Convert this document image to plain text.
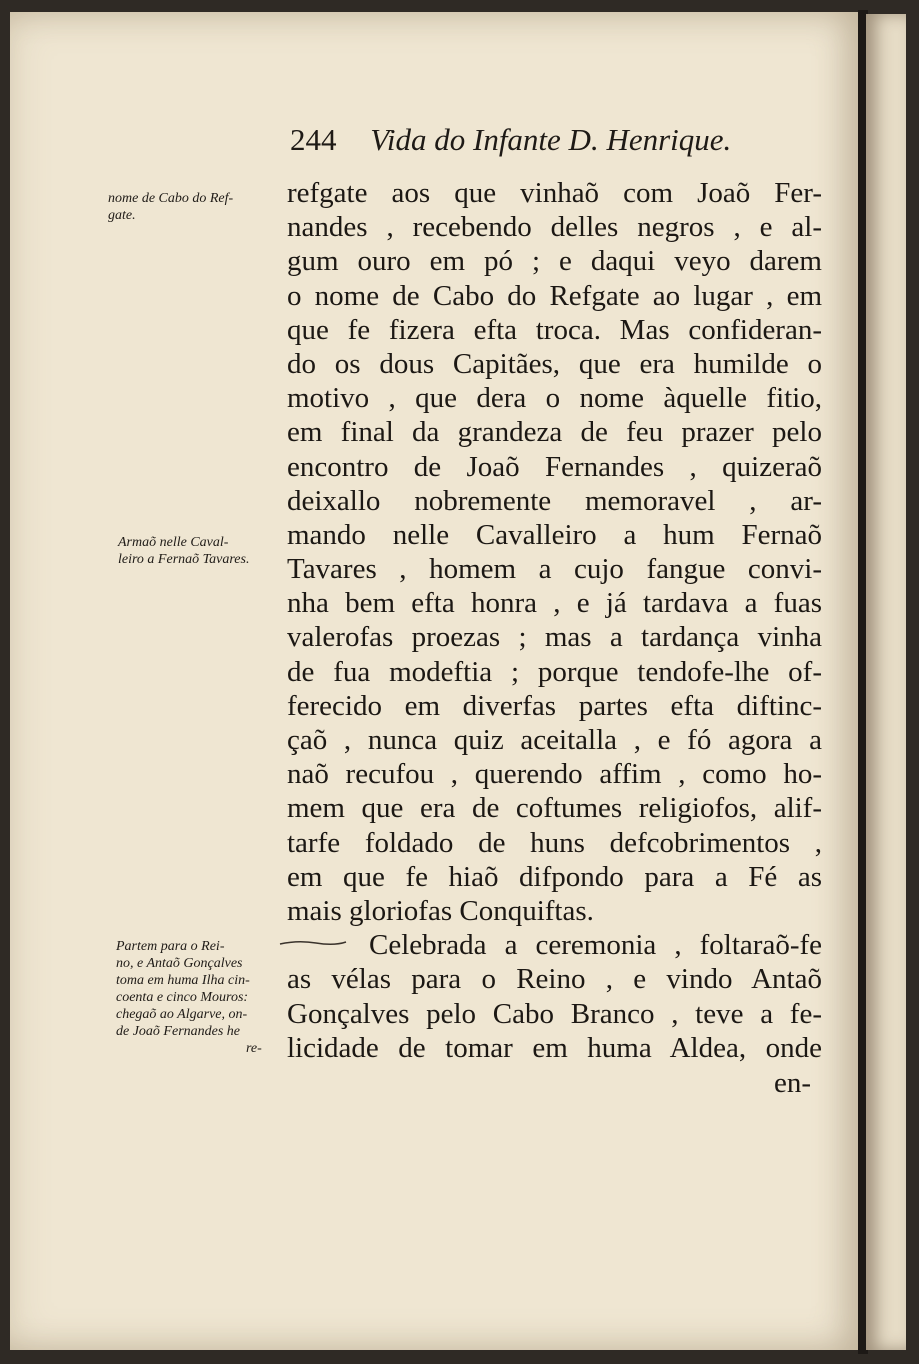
244 Vida do Infante D. Henrique.
nome de Cabo do Ref-
gate.
Armaõ nelle Caval-
leiro a Fernaõ Tavares.
Partem para o Rei-
no, e Antaõ Gonçalves
toma em huma Ilha cin-
coenta e cinco Mouros:
chegaõ ao Algarve, on-
de Joaõ Fernandes he
re-
refgate aos que vinhaõ com Joaõ Fer-
nandes , recebendo delles negros , e al-
gum ouro em pó ; e daqui veyo darem
o nome de Cabo do Refgate ao lugar , em
que fe fizera efta troca. Mas confideran-
do os dous Capitães, que era humilde o
motivo , que dera o nome àquelle fitio,
em final da grandeza de feu prazer pelo
encontro de Joaõ Fernandes , quizeraõ
deixallo nobremente memoravel , ar-
mando nelle Cavalleiro a hum Fernaõ
Tavares , homem a cujo fangue convi-
nha bem efta honra , e já tardava a fuas
valerofas proezas ; mas a tardança vinha
de fua modeftia ; porque tendofe-lhe of-
ferecido em diverfas partes efta diftinc-
çaõ , nunca quiz aceitalla , e fó agora a
naõ recufou , querendo affim , como ho-
mem que era de coftumes religiofos, alif-
tarfe foldado de huns defcobrimentos ,
em que fe hiaõ difpondo para a Fé as
mais gloriofas Conquiftas.
Celebrada a ceremonia , foltaraõ-fe
as vélas para o Reino , e vindo Antaõ
Gonçalves pelo Cabo Branco , teve a fe-
licidade de tomar em huma Aldea, onde
en-
